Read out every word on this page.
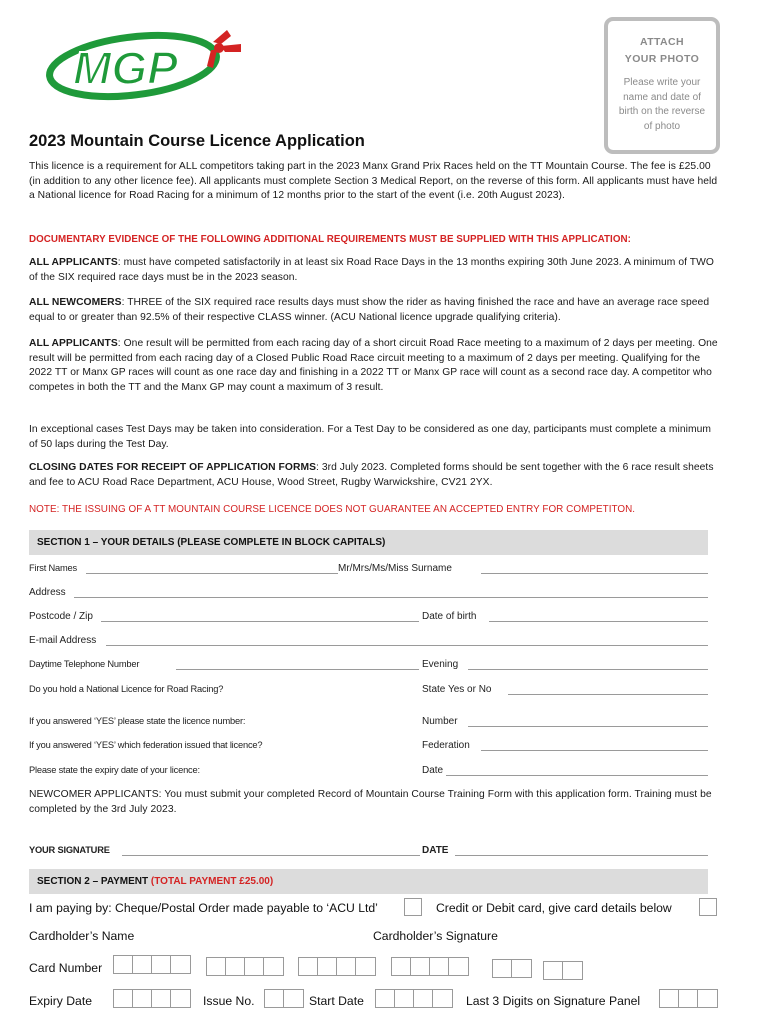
MGP	ATTACH
YOUR PHOTO
Please write your name and date of birth on the reverse of photo
2023 Mountain Course Licence Application
This licence is a requirement for ALL competitors taking part in the 2023 Manx Grand Prix Races held on the TT Mountain Course. The fee is £25.00 (in addition to any other licence fee). All applicants must complete Section 3 Medical Report, on the reverse of this form. All applicants must have held a National licence for Road Racing for a minimum of 12 months prior to the start of the event (i.e. 20th August 2023).
DOCUMENTARY EVIDENCE OF THE FOLLOWING ADDITIONAL REQUIREMENTS MUST BE SUPPLIED WITH THIS APPLICATION:
ALL APPLICANTS: must have competed satisfactorily in at least six Road Race Days in the 13 months expiring 30th June 2023. A minimum of TWO of the SIX required race days must be in the 2023 season.
ALL NEWCOMERS: THREE of the SIX required race results days must show the rider as having finished the race and have an average race speed equal to or greater than 92.5% of their respective CLASS winner. (ACU National licence upgrade qualifying criteria).
ALL APPLICANTS: One result will be permitted from each racing day of a short circuit Road Race meeting to a maximum of 2 days per meeting. One result will be permitted from each racing day of a Closed Public Road Race circuit meeting to a maximum of 2 days per meeting. Qualifying for the 2022 TT or Manx GP races will count as one race day and finishing in a 2022 TT or Manx GP race will count as a second race day. A competitor who competes in both the TT and the Manx GP may count a maximum of 3 result.
In exceptional cases Test Days may be taken into consideration. For a Test Day to be considered as one day, participants must complete a minimum of 50 laps during the Test Day.
CLOSING DATES FOR RECEIPT OF APPLICATION FORMS: 3rd July 2023. Completed forms should be sent together with the 6 race result sheets and fee to ACU Road Race Department, ACU House, Wood Street, Rugby Warwickshire, CV21 2YX.
NOTE: THE ISSUING OF A TT MOUNTAIN COURSE LICENCE DOES NOT GUARANTEE AN ACCEPTED ENTRY FOR COMPETITON.
SECTION 1 – YOUR DETAILS (PLEASE COMPLETE IN BLOCK CAPITALS)
First Names	Mr/Mrs/Ms/Miss Surname
Address
Postcode / Zip	Date of birth
E-mail Address
Daytime Telephone Number	Evening
Do you hold a National Licence for Road Racing?	State Yes or No
If you answered ‘YES’ please state the licence number:	Number
If you answered ‘YES’ which federation issued that licence?	Federation
Please state the expiry date of your licence:	Date
NEWCOMER APPLICANTS: You must submit your completed Record of Mountain Course Training Form with this application form. Training must be completed by the 3rd July 2023.
YOUR SIGNATURE	DATE
SECTION 2 – PAYMENT (TOTAL PAYMENT £25.00)
I am paying by: Cheque/Postal Order made payable to ‘ACU Ltd’	Credit or Debit card, give card details below
Cardholder’s Name	Cardholder’s Signature
Card Number
Expiry Date	Issue No.	Start Date	Last 3 Digits on Signature Panel
